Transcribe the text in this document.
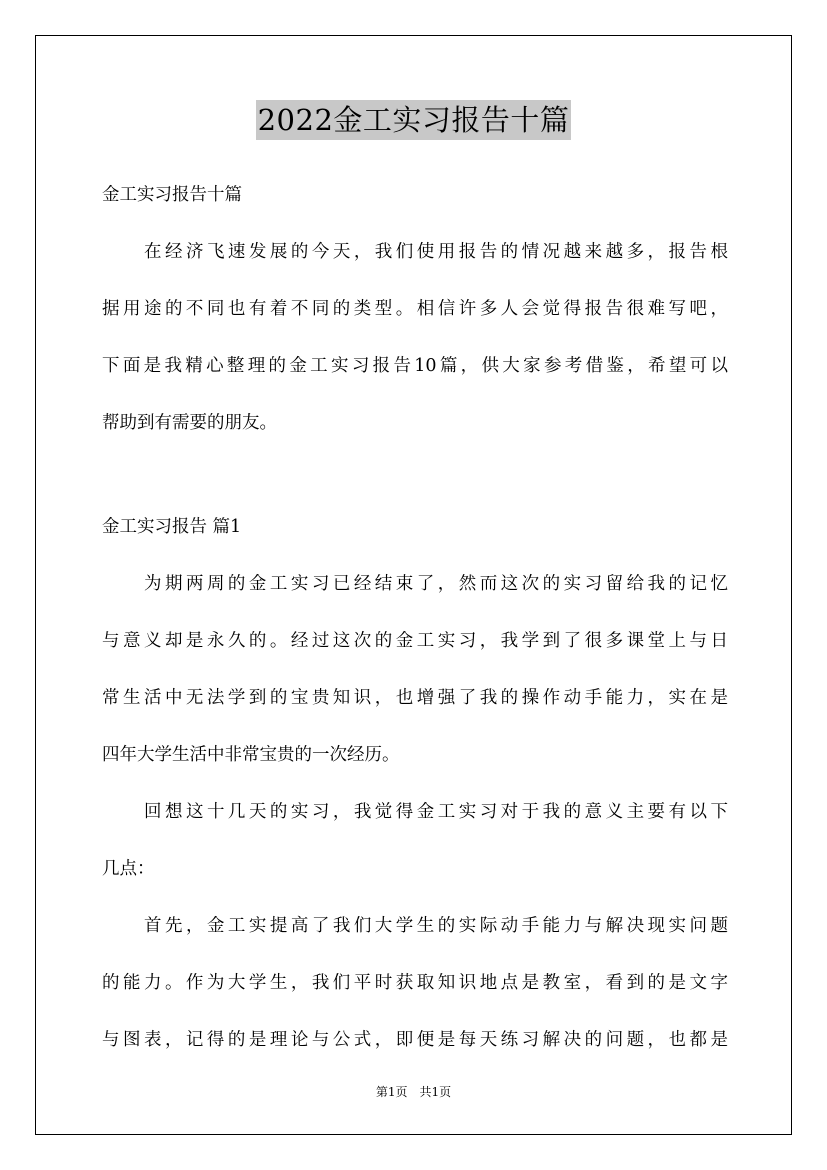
2022金工实习报告十篇
金工实习报告十篇
在经济飞速发展的今天，我们使用报告的情况越来越多，报告根
据用途的不同也有着不同的类型。相信许多人会觉得报告很难写吧，
下面是我精心整理的金工实习报告10篇，供大家参考借鉴，希望可以
帮助到有需要的朋友。
金工实习报告 篇1
为期两周的金工实习已经结束了，然而这次的实习留给我的记忆
与意义却是永久的。经过这次的金工实习，我学到了很多课堂上与日
常生活中无法学到的宝贵知识，也增强了我的操作动手能力，实在是
四年大学生活中非常宝贵的一次经历。
回想这十几天的实习，我觉得金工实习对于我的意义主要有以下
几点：
首先，金工实提高了我们大学生的实际动手能力与解决现实问题
的能力。作为大学生，我们平时获取知识地点是教室，看到的是文字
与图表，记得的是理论与公式，即便是每天练习解决的问题，也都是
第1页　共1页
